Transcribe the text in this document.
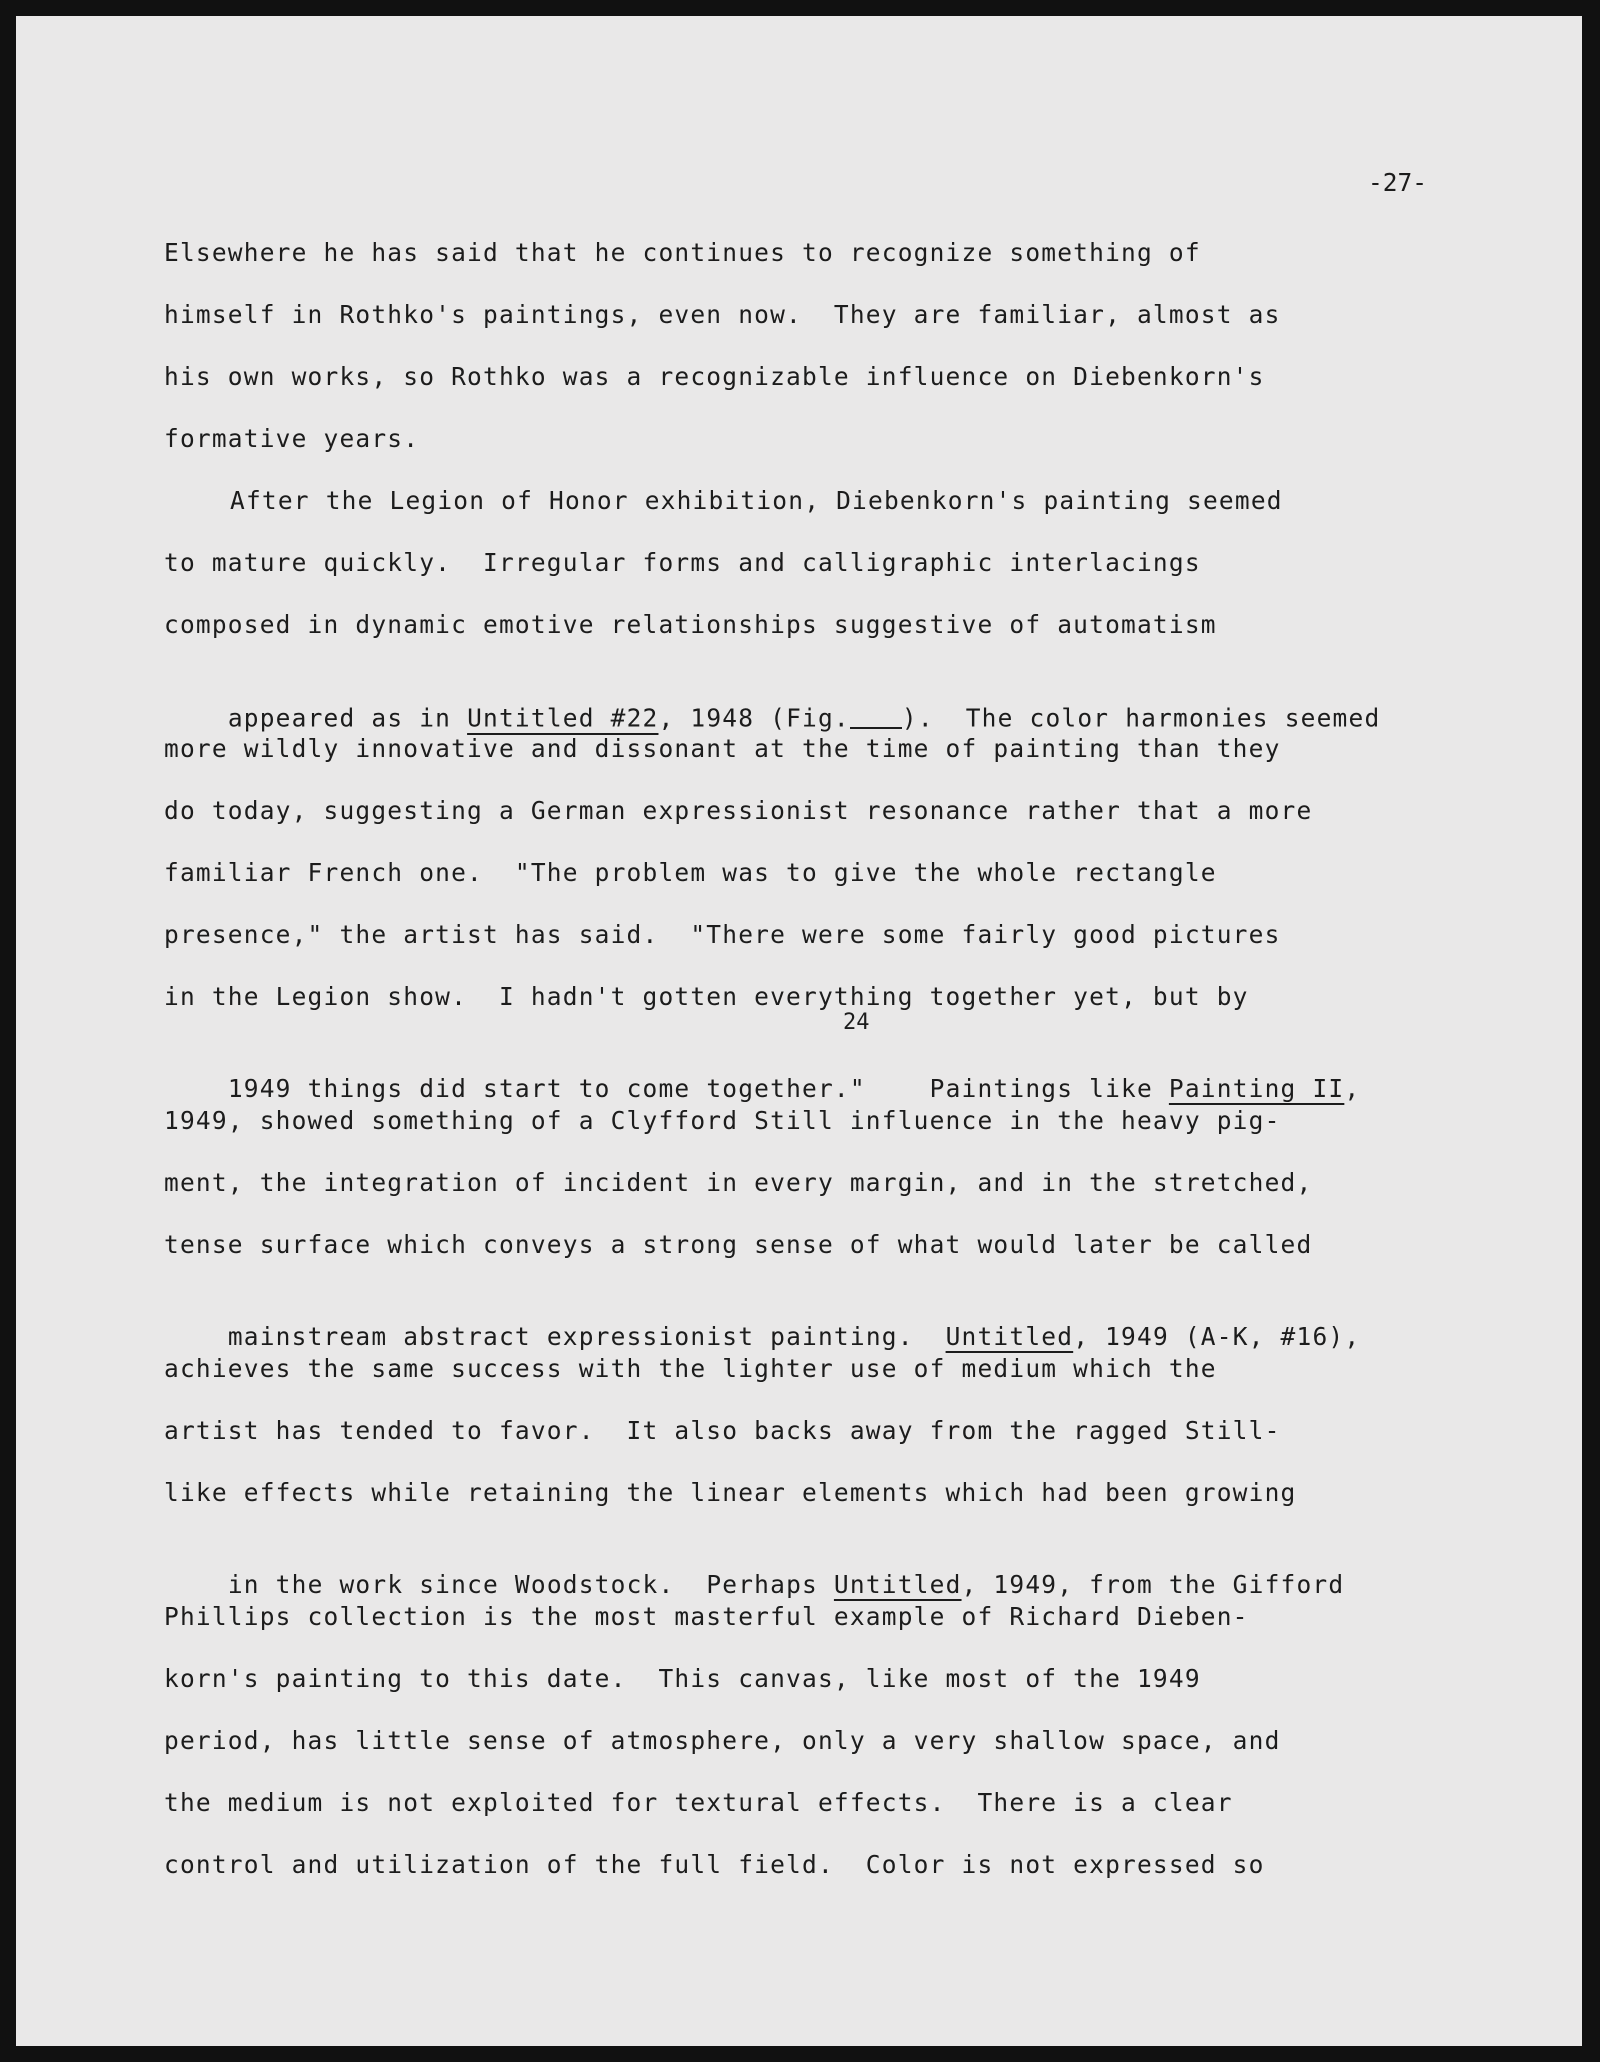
-27-
Elsewhere he has said that he continues to recognize something of
himself in Rothko's paintings, even now.  They are familiar, almost as
his own works, so Rothko was a recognizable influence on Diebenkorn's
formative years.
After the Legion of Honor exhibition, Diebenkorn's painting seemed
to mature quickly.  Irregular forms and calligraphic interlacings
composed in dynamic emotive relationships suggestive of automatism

appeared as in Untitled #22, 1948 (Fig. ).  The color harmonies seemed

more wildly innovative and dissonant at the time of painting than they
do today, suggesting a German expressionist resonance rather that a more
familiar French one.  "The problem was to give the whole rectangle
presence," the artist has said.  "There were some fairly good pictures
in the Legion show.  I hadn't gotten everything together yet, but by
24

1949 things did start to come together."    Paintings like Painting II,

1949, showed something of a Clyfford Still influence in the heavy pig-
ment, the integration of incident in every margin, and in the stretched,
tense surface which conveys a strong sense of what would later be called

mainstream abstract expressionist painting.  Untitled, 1949 (A-K, #16),

achieves the same success with the lighter use of medium which the
artist has tended to favor.  It also backs away from the ragged Still-
like effects while retaining the linear elements which had been growing

in the work since Woodstock.  Perhaps Untitled, 1949, from the Gifford

Phillips collection is the most masterful example of Richard Dieben-
korn's painting to this date.  This canvas, like most of the 1949
period, has little sense of atmosphere, only a very shallow space, and
the medium is not exploited for textural effects.  There is a clear
control and utilization of the full field.  Color is not expressed so
